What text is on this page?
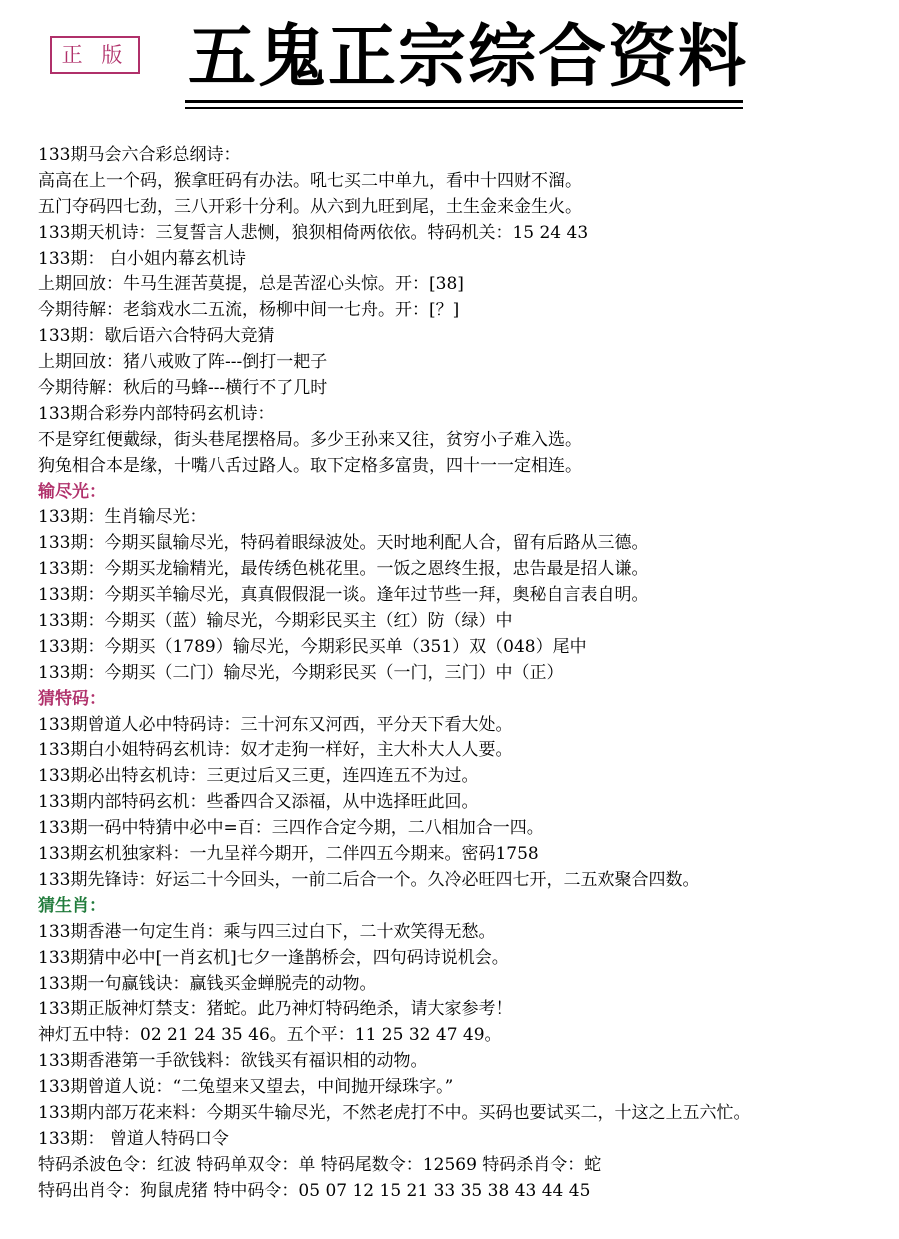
正 版 五鬼正宗综合资料
133期马会六合彩总纲诗：
高高在上一个码，猴拿旺码有办法。吼七买二中单九，看中十四财不溜。
五门夺码四七劲，三八开彩十分利。从六到九旺到尾，土生金来金生火。
133期天机诗：三复誓言人悲恻，狼狈相倚两依依。特码机关：15 24 43
133期： 白小姐内幕玄机诗
上期回放：牛马生涯苦莫提，总是苦涩心头惊。开：[38]
今期待解：老翁戏水二五流，杨柳中间一七舟。开：[？]
133期：歇后语六合特码大竞猜
上期回放：猪八戒败了阵---倒打一耙子
今期待解：秋后的马蜂---横行不了几时
133期合彩券内部特码玄机诗：
不是穿红便戴绿，街头巷尾摆格局。多少王孙来又往，贫穷小子难入选。
狗兔相合本是缘，十嘴八舌过路人。取下定格多富贵，四十一一定相连。
输尽光：
133期：生肖输尽光：
133期：今期买鼠输尽光，特码着眼绿波处。天时地利配人合，留有后路从三德。
133期：今期买龙输精光，最传绣色桃花里。一饭之恩终生报，忠告最是招人谦。
133期：今期买羊输尽光，真真假假混一谈。逢年过节些一拜，奥秘自言表自明。
133期：今期买（蓝）输尽光，今期彩民买主（红）防（绿）中
133期：今期买（1789）输尽光，今期彩民买单（351）双（048）尾中
133期：今期买（二门）输尽光，今期彩民买（一门，三门）中（正）
猜特码：
133期曾道人必中特码诗：三十河东又河西，平分天下看大处。
133期白小姐特码玄机诗：奴才走狗一样好，主大朴大人人要。
133期必出特玄机诗：三更过后又三更，连四连五不为过。
133期内部特码玄机：些番四合又添福，从中选择旺此回。
133期一码中特猜中必中=百：三四作合定今期，二八相加合一四。
133期玄机独家料：一九呈祥今期开，二伴四五今期来。密码1758
133期先锋诗：好运二十今回头，一前二后合一个。久冷必旺四七开，二五欢聚合四数。
猜生肖：
133期香港一句定生肖：乘与四三过白下，二十欢笑得无愁。
133期猜中必中[一肖玄机]七夕一逢鹊桥会，四句码诗说机会。
133期一句赢钱诀：赢钱买金蝉脱壳的动物。
133期正版神灯禁支：猪蛇。此乃神灯特码绝杀，请大家参考！
神灯五中特：02 21 24 35 46。五个平：11 25 32 47 49。
133期香港第一手欲钱料：欲钱买有福识相的动物。
133期曾道人说：“二兔望来又望去，中间抛开绿珠字。”
133期内部万花来料：今期买牛输尽光，不然老虎打不中。买码也要试买二，十这之上五六忙。
133期： 曾道人特码口令
特码杀波色令：红波 特码单双令：单 特码尾数令：12569 特码杀肖令：蛇
特码出肖令：狗鼠虎猪 特中码令：05 07 12 15 21 33 35 38 43 44 45
